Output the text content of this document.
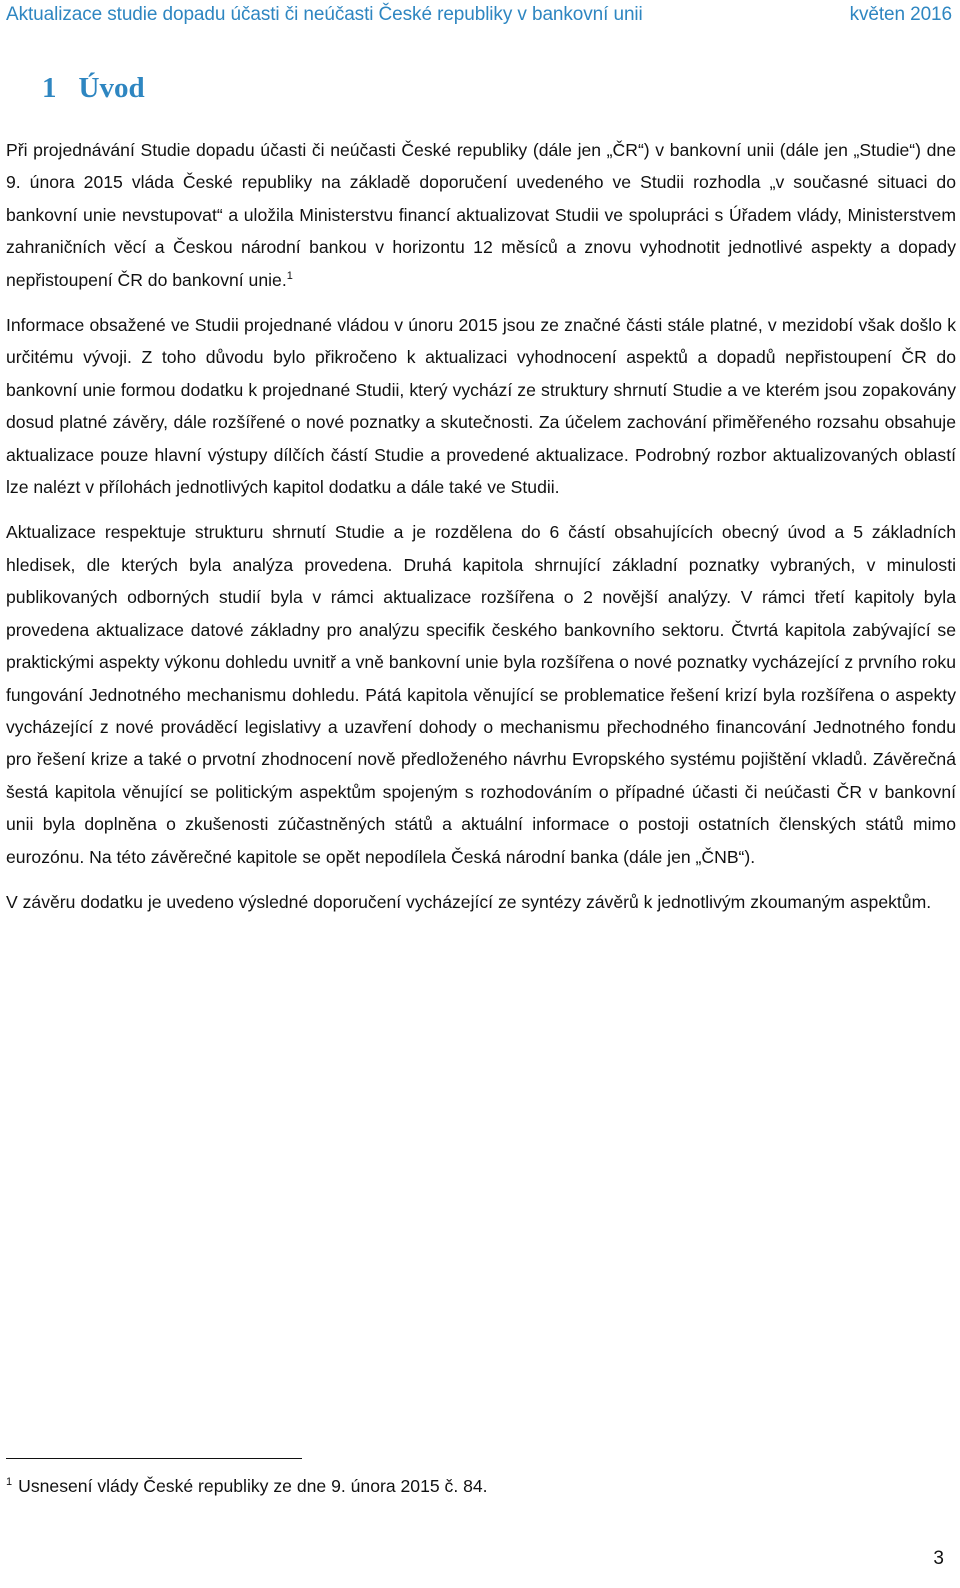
Aktualizace studie dopadu účasti či neúčasti České republiky v bankovní unii	květen 2016
1 Úvod

Při projednávání Studie dopadu účasti či neúčasti České republiky (dále jen „ČR“) v bankovní unii (dále jen „Studie“) dne 9. února 2015 vláda České republiky na základě doporučení uvedeného ve Studii rozhodla „v současné situaci do bankovní unie nevstupovat“ a uložila Ministerstvu financí aktualizovat Studii ve spolupráci s Úřadem vlády, Ministerstvem zahraničních věcí a Českou národní bankou v horizontu 12 měsíců a znovu vyhodnotit jednotlivé aspekty a dopady nepřistoupení ČR do bankovní unie.$^1$

Informace obsažené ve Studii projednané vládou v únoru 2015 jsou ze značné části stále platné, v mezidobí však došlo k určitému vývoji. Z toho důvodu bylo přikročeno k aktualizaci vyhodnocení aspektů a dopadů nepřistoupení ČR do bankovní unie formou dodatku k projednané Studii, který vychází ze struktury shrnutí Studie a ve kterém jsou zopakovány dosud platné závěry, dále rozšířené o nové poznatky a skutečnosti. Za účelem zachování přiměřeného rozsahu obsahuje aktualizace pouze hlavní výstupy dílčích částí Studie a provedené aktualizace. Podrobný rozbor aktualizovaných oblastí lze nalézt v přílohách jednotlivých kapitol dodatku a dále také ve Studii.

Aktualizace respektuje strukturu shrnutí Studie a je rozdělena do 6 částí obsahujících obecný úvod a 5 základních hledisek, dle kterých byla analýza provedena. Druhá kapitola shrnující základní poznatky vybraných, v minulosti publikovaných odborných studií byla v rámci aktualizace rozšířena o 2 novější analýzy. V rámci třetí kapitoly byla provedena aktualizace datové základny pro analýzu specifik českého bankovního sektoru. Čtvrtá kapitola zabývající se praktickými aspekty výkonu dohledu uvnitř a vně bankovní unie byla rozšířena o nové poznatky vycházející z prvního roku fungování Jednotného mechanismu dohledu. Pátá kapitola věnující se problematice řešení krizí byla rozšířena o aspekty vycházející z nové prováděcí legislativy a uzavření dohody o mechanismu přechodného financování Jednotného fondu pro řešení krize a také o prvotní zhodnocení nově předloženého návrhu Evropského systému pojištění vkladů. Závěrečná šestá kapitola věnující se politickým aspektům spojeným s rozhodováním o případné účasti či neúčasti ČR v bankovní unii byla doplněna o zkušenosti zúčastněných států a aktuální informace o postoji ostatních členských států mimo eurozónu. Na této závěrečné kapitole se opět nepodílela Česká národní banka (dále jen „ČNB“).

V závěru dodatku je uvedeno výsledné doporučení vycházející ze syntézy závěrů k jednotlivým zkoumaným aspektům.

$^1$ Usnesení vlády České republiky ze dne 9. února 2015 č. 84.
3
